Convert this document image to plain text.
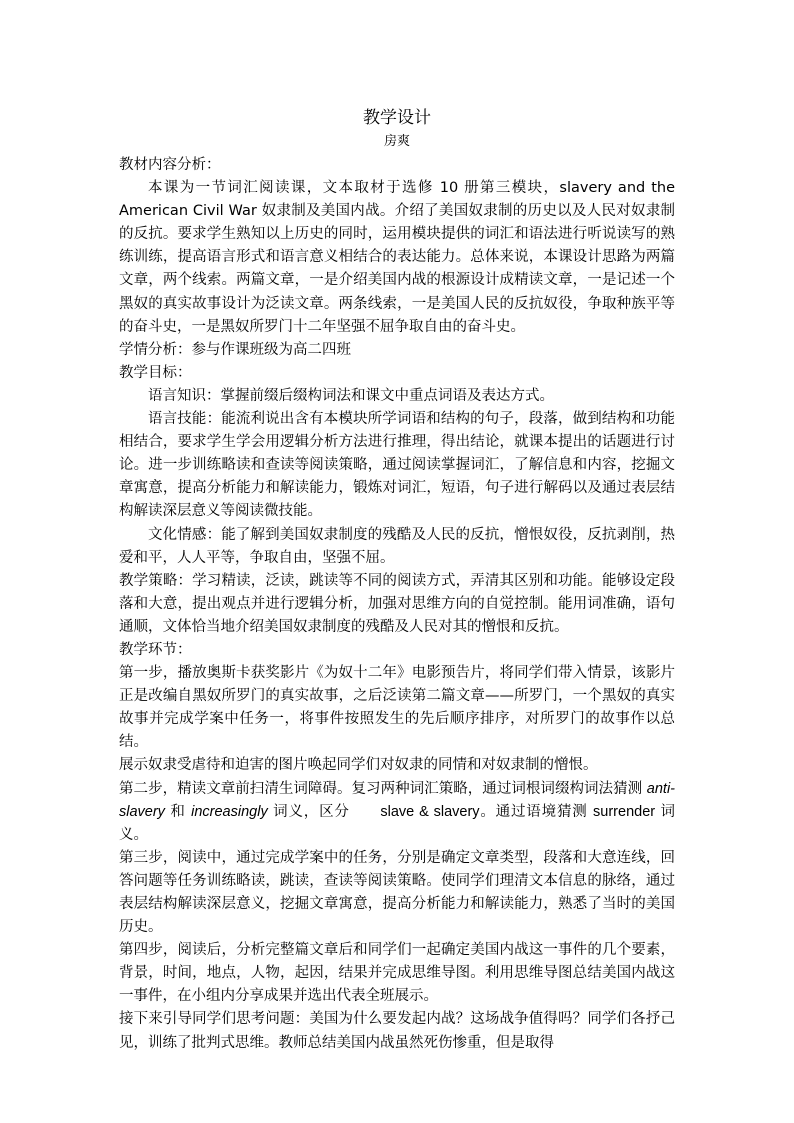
教学设计

房爽

教材内容分析：

本课为一节词汇阅读课，文本取材于选修 10 册第三模块，slavery and the American Civil War 奴隶制及美国内战。介绍了美国奴隶制的历史以及人民对奴隶制的反抗。要求学生熟知以上历史的同时，运用模块提供的词汇和语法进行听说读写的熟练训练，提高语言形式和语言意义相结合的表达能力。总体来说，本课设计思路为两篇文章，两个线索。两篇文章，一是介绍美国内战的根源设计成精读文章，一是记述一个黑奴的真实故事设计为泛读文章。两条线索，一是美国人民的反抗奴役，争取种族平等的奋斗史，一是黑奴所罗门十二年坚强不屈争取自由的奋斗史。

学情分析：参与作课班级为高二四班

教学目标：

语言知识：掌握前缀后缀构词法和课文中重点词语及表达方式。

语言技能：能流利说出含有本模块所学词语和结构的句子，段落，做到结构和功能相结合，要求学生学会用逻辑分析方法进行推理，得出结论，就课本提出的话题进行讨论。进一步训练略读和查读等阅读策略，通过阅读掌握词汇，了解信息和内容，挖掘文章寓意，提高分析能力和解读能力，锻炼对词汇，短语，句子进行解码以及通过表层结构解读深层意义等阅读微技能。

文化情感：能了解到美国奴隶制度的残酷及人民的反抗，憎恨奴役，反抗剥削，热爱和平，人人平等，争取自由，坚强不屈。

教学策略：学习精读，泛读，跳读等不同的阅读方式，弄清其区别和功能。能够设定段落和大意，提出观点并进行逻辑分析，加强对思维方向的自觉控制。能用词准确，语句通顺，文体恰当地介绍美国奴隶制度的残酷及人民对其的憎恨和反抗。

教学环节：

第一步，播放奥斯卡获奖影片《为奴十二年》电影预告片，将同学们带入情景，该影片正是改编自黑奴所罗门的真实故事，之后泛读第二篇文章——所罗门，一个黑奴的真实故事并完成学案中任务一，将事件按照发生的先后顺序排序，对所罗门的故事作以总结。

展示奴隶受虐待和迫害的图片唤起同学们对奴隶的同情和对奴隶制的憎恨。

第二步，精读文章前扫清生词障碍。复习两种词汇策略，通过词根词缀构词法猜测 anti-slavery 和 increasingly 词义，区分　　slave & slavery。通过语境猜测 surrender 词义。

第三步，阅读中，通过完成学案中的任务，分别是确定文章类型，段落和大意连线，回答问题等任务训练略读，跳读，查读等阅读策略。使同学们理清文本信息的脉络，通过表层结构解读深层意义，挖掘文章寓意，提高分析能力和解读能力，熟悉了当时的美国历史。

第四步，阅读后，分析完整篇文章后和同学们一起确定美国内战这一事件的几个要素，背景，时间，地点，人物，起因，结果并完成思维导图。利用思维导图总结美国内战这一事件，在小组内分享成果并选出代表全班展示。

接下来引导同学们思考问题：美国为什么要发起内战？这场战争值得吗？同学们各抒己见，训练了批判式思维。教师总结美国内战虽然死伤惨重，但是取得
